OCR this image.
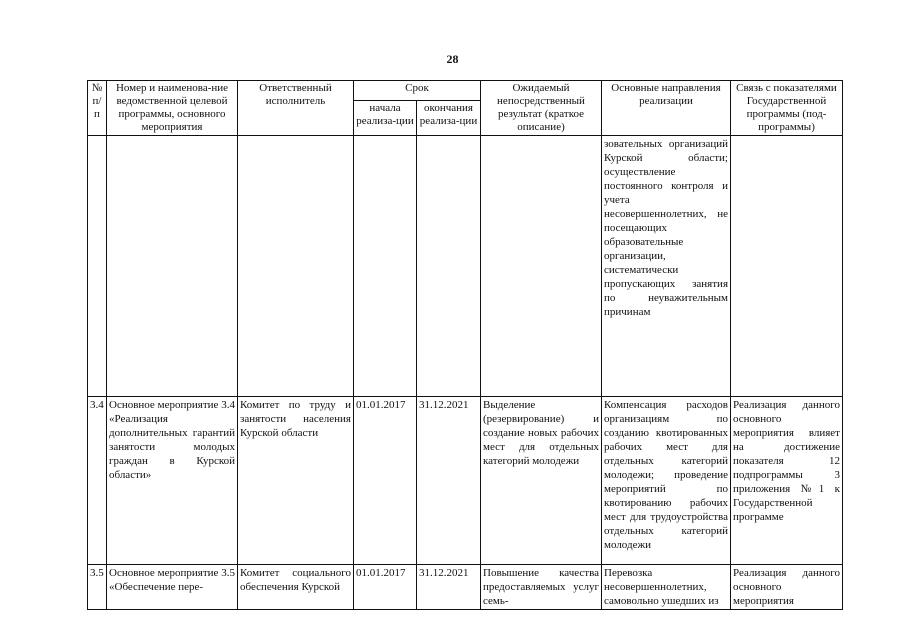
28
№ п/п	Номер и наименова-ние ведомственной целевой программы, основного мероприятия	Ответственный исполнитель	Срок		Ожидаемый непосредственный результат (краткое описание)	Основные направления реализации	Связь с показателями Государственной программы (под-программы)
			начала реализа-ции	окончания реализа-ции			
						зовательных организаций Курской области; осуществление постоянного контроля и учета несовершеннолетних, не посещающих образовательные организации, систематически пропускающих занятия по неуважительным причинам	
3.4	Основное мероприятие 3.4 «Реализация дополнительных гарантий занятости молодых граждан в Курской области»	Комитет по труду и занятости населения Курской области	01.01.2017	31.12.2021	Выделение (резервирование) и создание новых рабочих мест для отдельных категорий молодежи	Компенсация расходов организациям по созданию квотированных рабочих мест для отдельных категорий молодежи; проведение мероприятий по квотированию рабочих мест для трудоустройства отдельных категорий молодежи	Реализация данного основного мероприятия влияет на достижение показателя 12 подпрограммы 3 приложения №1 к Государственной программе
3.5	Основное мероприятие 3.5 «Обеспечение пере-	Комитет социального обеспечения Курской	01.01.2017	31.12.2021	Повышение качества предоставляемых услуг семь-	Перевозка несовершеннолетних, самовольно ушедших из	Реализация данного основного мероприятия
